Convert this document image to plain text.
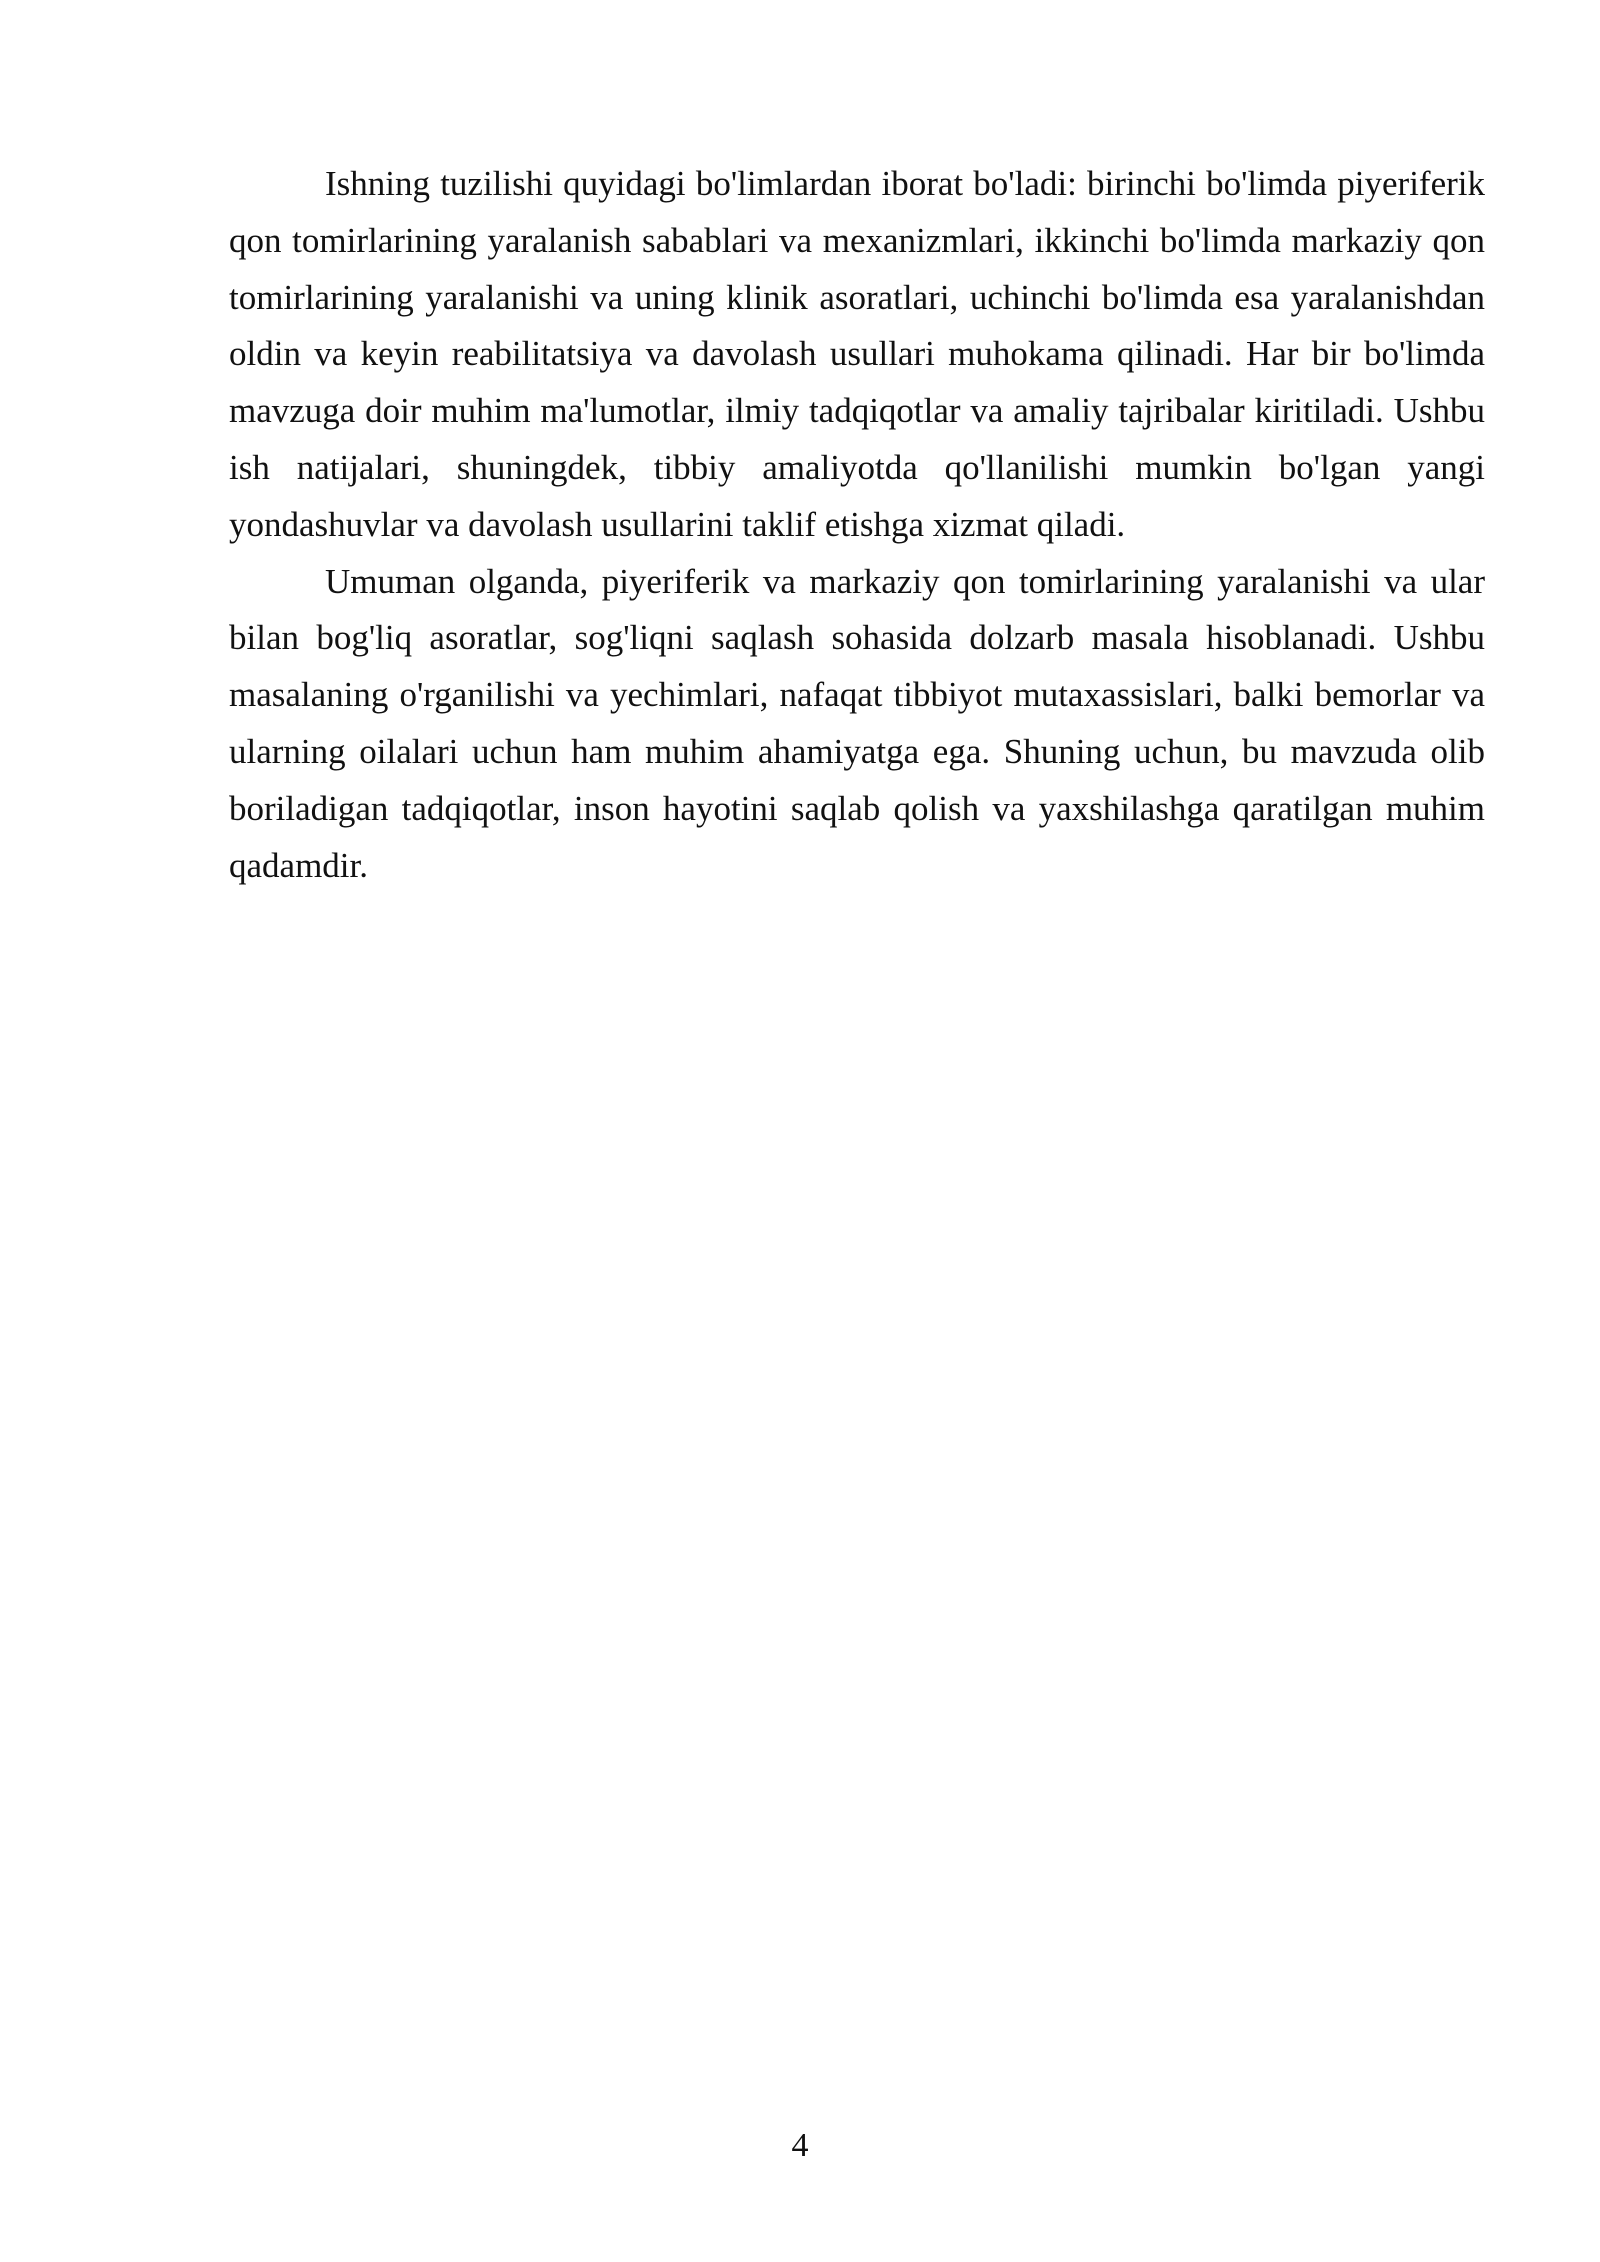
Ishning tuzilishi quyidagi bo'limlardan iborat bo'ladi: birinchi bo'limda piyeriferik qon tomirlarining yaralanish sabablari va mexanizmlari, ikkinchi bo'limda markaziy qon tomirlarining yaralanishi va uning klinik asoratlari, uchinchi bo'limda esa yaralanishdan oldin va keyin reabilitatsiya va davolash usullari muhokama qilinadi. Har bir bo'limda mavzuga doir muhim ma'lumotlar, ilmiy tadqiqotlar va amaliy tajribalar kiritiladi. Ushbu ish natijalari, shuningdek, tibbiy amaliyotda qo'llanilishi mumkin bo'lgan yangi yondashuvlar va davolash usullarini taklif etishga xizmat qiladi.

Umuman olganda, piyeriferik va markaziy qon tomirlarining yaralanishi va ular bilan bog'liq asoratlar, sog'liqni saqlash sohasida dolzarb masala hisoblanadi. Ushbu masalaning o'rganilishi va yechimlari, nafaqat tibbiyot mutaxassislari, balki bemorlar va ularning oilalari uchun ham muhim ahamiyatga ega. Shuning uchun, bu mavzuda olib boriladigan tadqiqotlar, inson hayotini saqlab qolish va yaxshilashga qaratilgan muhim qadamdir.

4
